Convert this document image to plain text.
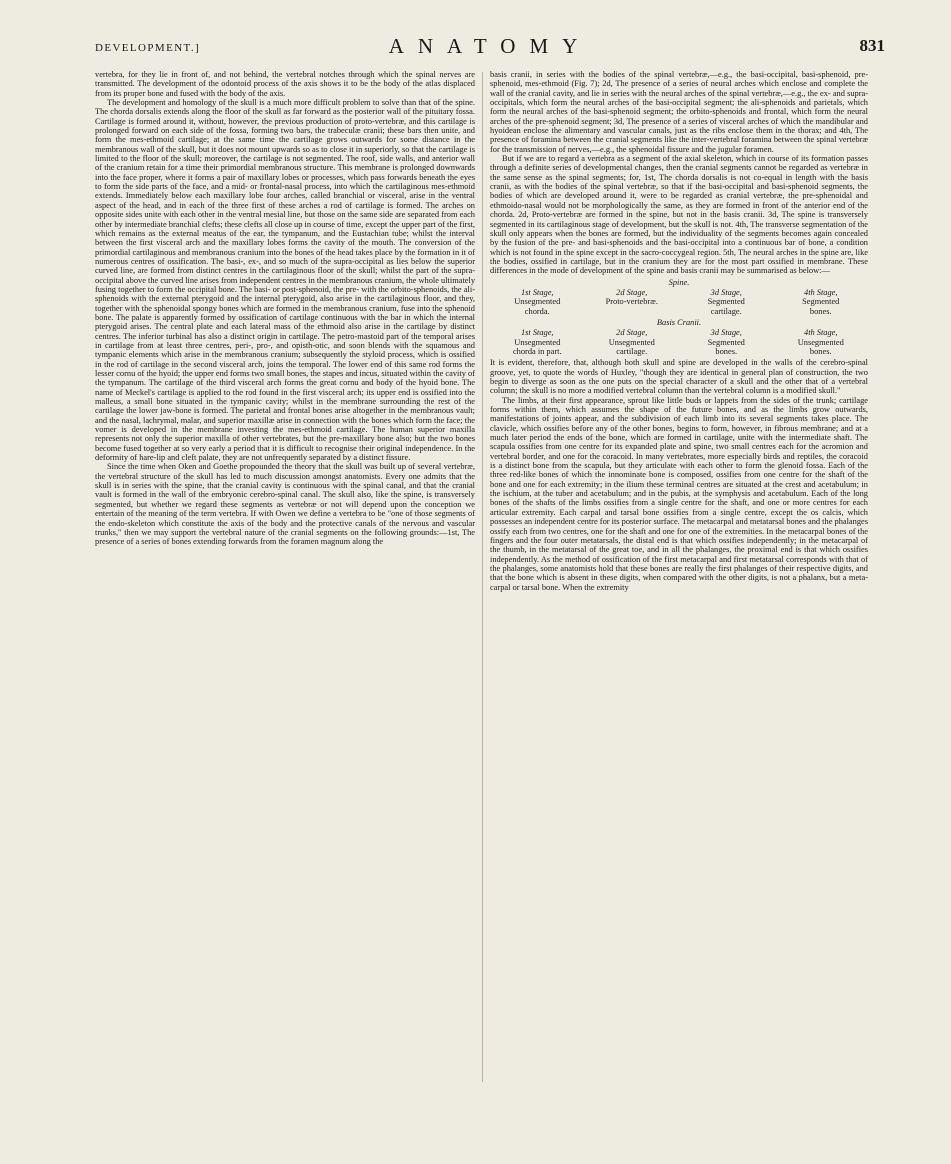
DEVELOPMENT.]	ANATOMY	831

vertebra, for they lie in front of, and not behind, the vertebral notches through which the spinal nerves are transmitted. The development of the odontoid process of the axis shows it to be the body of the atlas displaced from its proper bone and fused with the body of the axis.

The development and homology of the skull is a much more difficult problem to solve than that of the spine. The chorda dorsalis extends along the floor of the skull as far forward as the posterior wall of the pituitary fossa. Cartilage is formed around it, without, however, the previous production of proto-vertebræ, and this cartilage is prolonged forward on each side of the fossa, forming two bars, the trabeculæ cranii; these bars then unite, and form the mes-ethmoid cartilage; at the same time the cartilage grows outwards for some distance in the membranous wall of the skull, but it does not mount upwards so as to close it in superiorly, so that the cartilage is limited to the floor of the skull; moreover, the cartilage is not segmented. The roof, side walls, and anterior wall of the cranium retain for a time their primordial membranous structure. This membrane is prolonged downwards into the face proper, where it forms a pair of maxillary lobes or processes, which pass forwards beneath the eyes to form the side parts of the face, and a mid- or frontal-nasal process, into which the cartilaginous mes-ethmoid extends. Immediately below each maxillary lobe four arches, called branchial or visceral, arise in the ventral aspect of the head, and in each of the three first of these arches a rod of cartilage is formed. The arches on opposite sides unite with each other in the ventral mesial line, but those on the same side are separated from each other by intermediate branchial clefts; these clefts all close up in course of time, except the upper part of the first, which remains as the external meatus of the ear, the tympanum, and the Eustachian tube; whilst the interval between the first visceral arch and the maxillary lobes forms the cavity of the mouth. The conversion of the primordial cartilaginous and membranous cranium into the bones of the head takes place by the formation in it of numerous centres of ossification. The basi-, ex-, and so much of the supra-occipital as lies below the superior curved line, are formed from distinct centres in the cartilaginous floor of the skull; whilst the part of the supra-occipital above the curved line arises from independent centres in the membranous cranium, the whole ultimately fusing together to form the occipital bone. The basi- or post-sphenoid, the pre- with the orbito-sphenoids, the ali-sphenoids with the external pterygoid and the internal pterygoid, also arise in the cartilaginous floor, and they, together with the sphenoidal spongy bones which are formed in the membranous cranium, fuse into the sphenoid bone. The palate is apparently formed by ossification of cartilage continuous with the bar in which the internal pterygoid arises. The central plate and each lateral mass of the ethmoid also arise in the cartilage by distinct centres. The inferior turbinal has also a distinct origin in cartilage. The petro-mastoid part of the temporal arises in cartilage from at least three centres, peri-, pro-, and opisth-otic, and soon blends with the squamous and tympanic elements which arise in the membranous cranium; subsequently the styloid process, which is ossified in the rod of cartilage in the second visceral arch, joins the temporal. The lower end of this same rod forms the lesser cornu of the hyoid; the upper end forms two small bones, the stapes and incus, situated within the cavity of the tympanum. The cartilage of the third visceral arch forms the great cornu and body of the hyoid bone. The name of Meckel's cartilage is applied to the rod found in the first visceral arch; its upper end is ossified into the malleus, a small bone situated in the tympanic cavity; whilst in the membrane surrounding the rest of the cartilage the lower jaw-bone is formed. The parietal and frontal bones arise altogether in the membranous vault; and the nasal, lachrymal, malar, and superior maxillæ arise in connection with the bones which form the face; the vomer is developed in the membrane investing the mes-ethmoid cartilage. The human superior maxilla represents not only the superior maxilla of other vertebrates, but the pre-maxillary bone also; but the two bones become fused together at so very early a period that it is difficult to recognise their original independence. In the deformity of hare-lip and cleft palate, they are not unfrequently separated by a distinct fissure.

Since the time when Oken and Goethe propounded the theory that the skull was built up of several vertebræ, the vertebral structure of the skull has led to much discussion amongst anatomists. Every one admits that the skull is in series with the spine, that the cranial cavity is continuous with the spinal canal, and that the cranial vault is formed in the wall of the embryonic cerebro-spinal canal. The skull also, like the spine, is transversely segmented, but whether we regard these segments as vertebræ or not will depend upon the conception we entertain of the meaning of the term vertebra. If with Owen we define a vertebra to be "one of those segments of the endo-skeleton which constitute the axis of the body and the protective canals of the nervous and vascular trunks," then we may support the vertebral nature of the cranial segments on the following grounds:—1st, The presence of a series of bones extending forwards from the foramen magnum along the

basis cranii, in series with the bodies of the spinal vertebræ,—e.g., the basi-occipital, basi-sphenoid, pre-sphenoid, mes-ethmoid (Fig. 7); 2d, The presence of a series of neural arches which enclose and complete the wall of the cranial cavity, and lie in series with the neural arches of the spinal vertebræ,—e.g., the ex- and supra-occipitals, which form the neural arches of the basi-occipital segment; the ali-sphenoids and parietals, which form the neural arches of the basi-sphenoid segment; the orbito-sphenoids and frontal, which form the neural arches of the pre-sphenoid segment; 3d, The presence of a series of visceral arches of which the mandibular and hyoidean enclose the alimentary and vascular canals, just as the ribs enclose them in the thorax; and 4th, The presence of foramina between the cranial segments like the inter-vertebral foramina between the spinal vertebræ for the transmission of nerves,—e.g., the sphenoidal fissure and the jugular foramen.

But if we are to regard a vertebra as a segment of the axial skeleton, which in course of its formation passes through a definite series of developmental changes, then the cranial segments cannot be regarded as vertebræ in the same sense as the spinal segments; for, 1st, The chorda dorsalis is not co-equal in length with the basis cranii, as with the bodies of the spinal vertebræ, so that if the basi-occipital and basi-sphenoid segments, the bodies of which are developed around it, were to be regarded as cranial vertebræ, the pre-sphenoidal and ethmoido-nasal would not be morphologically the same, as they are formed in front of the anterior end of the chorda. 2d, Proto-vertebræ are formed in the spine, but not in the basis cranii. 3d, The spine is transversely segmented in its cartilaginous stage of development, but the skull is not. 4th, The transverse segmentation of the skull only appears when the bones are formed, but the individuality of the segments becomes again concealed by the fusion of the pre- and basi-sphenoids and the basi-occipital into a continuous bar of bone, a condition which is not found in the spine except in the sacro-coccygeal region. 5th, The neural arches in the spine are, like the bodies, ossified in cartilage, but in the cranium they are for the most part ossified in membrane. These differences in the mode of development of the spine and basis cranii may be summarised as below:—

Spine.
1st Stage,	2d Stage,	3d Stage,	4th Stage,
Unsegmented	Proto-vertebræ.	Segmented	Segmented
chorda.		cartilage.	bones.
Basis Cranii.
1st Stage,	2d Stage,	3d Stage,	4th Stage,
Unsegmented	Unsegmented	Segmented	Unsegmented
chorda in part.	cartilage.	bones.	bones.

It is evident, therefore, that, although both skull and spine are developed in the walls of the cerebro-spinal groove, yet, to quote the words of Huxley, "though they are identical in general plan of construction, the two begin to diverge as soon as the one puts on the special character of a skull and the other that of a vertebral column; the skull is no more a modified vertebral column than the vertebral column is a modified skull."

The limbs, at their first appearance, sprout like little buds or lappets from the sides of the trunk; cartilage forms within them, which assumes the shape of the future bones, and as the limbs grow outwards, manifestations of joints appear, and the subdivision of each limb into its several segments takes place. The clavicle, which ossifies before any of the other bones, begins to form, however, in fibrous membrane; and at a much later period the ends of the bone, which are formed in cartilage, unite with the intermediate shaft. The scapula ossifies from one centre for its expanded plate and spine, two small centres each for the acromion and vertebral border, and one for the coracoid. In many vertebrates, more especially birds and reptiles, the coracoid is a distinct bone from the scapula, but they articulate with each other to form the glenoid fossa. Each of the three red-like bones of which the innominate bone is composed, ossifies from one centre for the shaft of the bone and one for each extremity; in the ilium these terminal centres are situated at the crest and acetabulum; in the ischium, at the tuber and acetabulum; and in the pubis, at the symphysis and acetabulum. Each of the long bones of the shafts of the limbs ossifies from a single centre for the shaft, and one or more centres for each articular extremity. Each carpal and tarsal bone ossifies from a single centre, except the os calcis, which possesses an independent centre for its posterior surface. The metacarpal and metatarsal bones and the phalanges ossify each from two centres, one for the shaft and one for one of the extremities. In the metacarpal bones of the fingers and the four outer metatarsals, the distal end is that which ossifies independently; in the metacarpal of the thumb, in the metatarsal of the great toe, and in all the phalanges, the proximal end is that which ossifies independently. As the method of ossification of the first metacarpal and first metatarsal corresponds with that of the phalanges, some anatomists hold that these bones are really the first phalanges of their respective digits, and that the bone which is absent in these digits, when compared with the other digits, is not a phalanx, but a meta-carpal or tarsal bone. When the extremity
